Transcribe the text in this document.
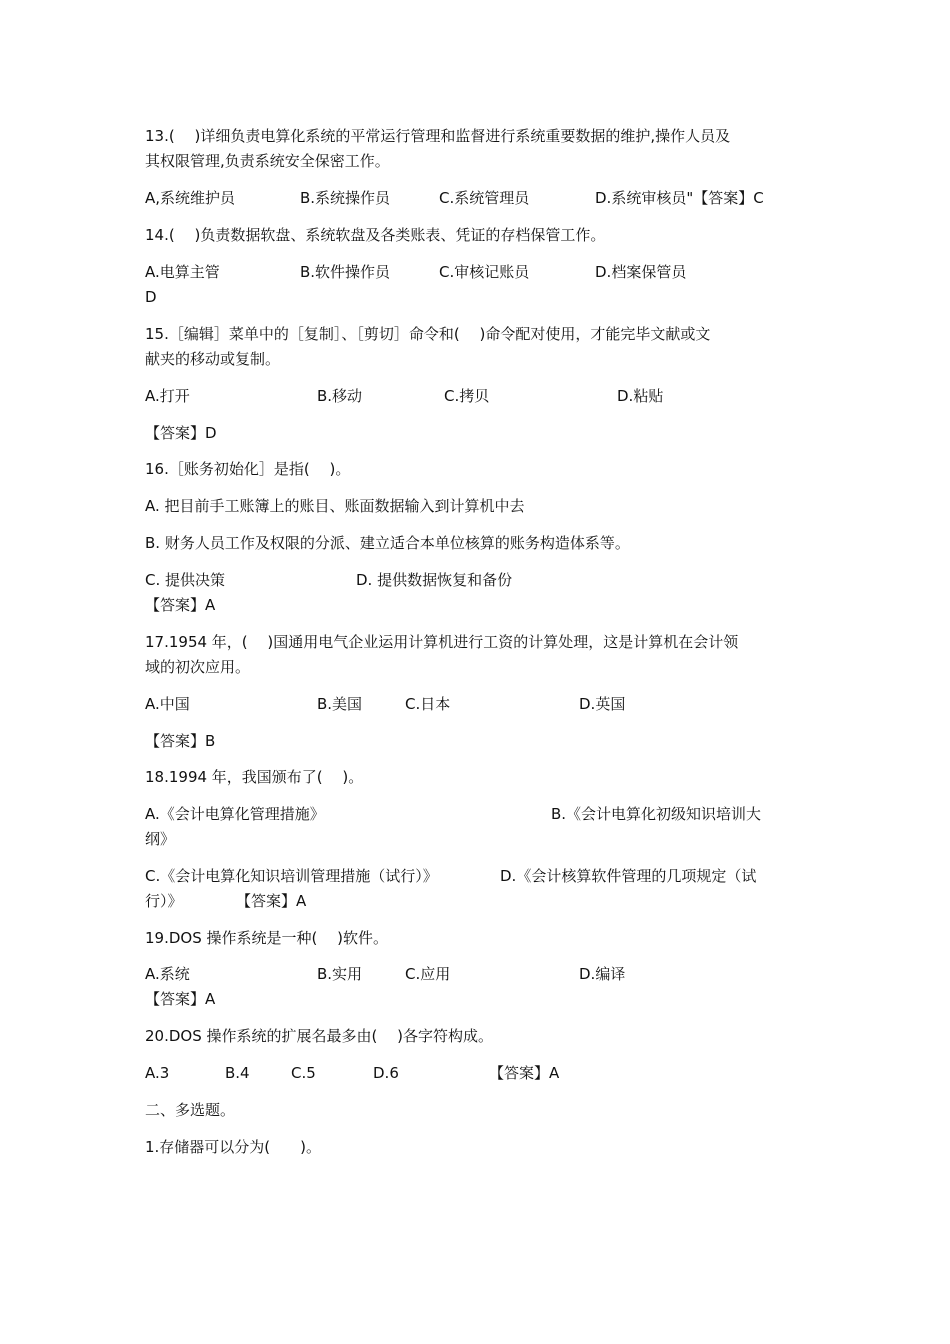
13.(　 )详细负责电算化系统的平常运行管理和监督进行系统重要数据的维护,操作人员及
其权限管理,负责系统安全保密工作。
A,系统维护员	B.系统操作员	C.系统管理员	D.系统审核员"【答案】C
14.(　 )负责数据软盘、系统软盘及各类账表、凭证的存档保管工作。
A.电算主管	B.软件操作员	C.审核记账员	D.档案保管员
D
15.［编辑］菜单中的［复制］、［剪切］命令和(　 )命令配对使用，才能完毕文献或文
献夹的移动或复制。
A.打开	B.移动	C.拷贝	D.粘贴
【答案】D
16.［账务初始化］是指(　 )。
A. 把目前手工账簿上的账目、账面数据输入到计算机中去
B. 财务人员工作及权限的分派、建立适合本单位核算的账务构造体系等。
C. 提供决策	D. 提供数据恢复和备份
【答案】A
17.1954 年，(　 )国通用电气企业运用计算机进行工资的计算处理，这是计算机在会计领
域的初次应用。
A.中国	B.美国	C.日本	D.英国
【答案】B
18.1994 年，我国颁布了(　 )。
A.《会计电算化管理措施》	B.《会计电算化初级知识培训大
纲》
C.《会计电算化知识培训管理措施（试行）》	D.《会计核算软件管理的几项规定（试
行）》	【答案】A
19.DOS 操作系统是一种(　 )软件。
A.系统	B.实用	C.应用	D.编译
【答案】A
20.DOS 操作系统的扩展名最多由(　 )各字符构成。
A.3	B.4	C.5	D.6	【答案】A
二、多选题。
1.存储器可以分为(　　)。
